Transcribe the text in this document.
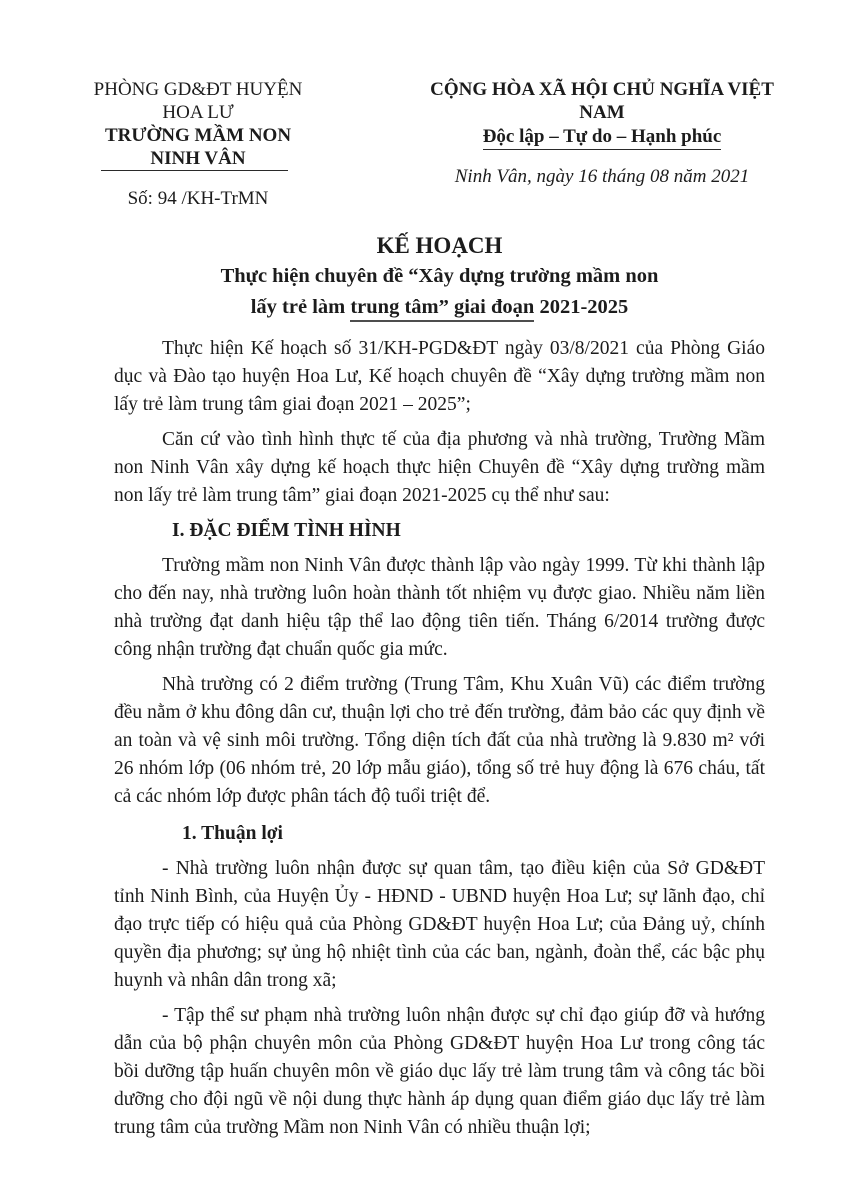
PHÒNG GD&ĐT HUYỆN HOA LƯ
TRƯỜNG MẦM NON NINH VÂN
Số: 94 /KH-TrMN
CỘNG HÒA XÃ HỘI CHỦ NGHĨA VIỆT NAM
Độc lập – Tự do – Hạnh phúc
Ninh Vân, ngày 16 tháng 08 năm 2021
KẾ HOẠCH
Thực hiện chuyên đề “Xây dựng trường mầm non
lấy trẻ làm trung tâm” giai đoạn 2021-2025

Thực hiện Kế hoạch số 31/KH-PGD&ĐT ngày 03/8/2021 của Phòng Giáo dục và Đào tạo huyện Hoa Lư, Kế hoạch chuyên đề “Xây dựng trường mầm non lấy trẻ làm trung tâm giai đoạn 2021 – 2025”;

Căn cứ vào tình hình thực tế của địa phương và nhà trường, Trường Mầm non Ninh Vân xây dựng kế hoạch thực hiện Chuyên đề “Xây dựng trường mầm non lấy trẻ làm trung tâm” giai đoạn 2021-2025 cụ thể như sau:

I. ĐẶC ĐIỂM TÌNH HÌNH

Trường mầm non Ninh Vân được thành lập vào ngày 1999. Từ khi thành lập cho đến nay, nhà trường luôn hoàn thành tốt nhiệm vụ được giao. Nhiều năm liền nhà trường đạt danh hiệu tập thể lao động tiên tiến. Tháng 6/2014 trường được công nhận trường đạt chuẩn quốc gia mức.

Nhà trường có 2 điểm trường (Trung Tâm, Khu Xuân Vũ) các điểm trường đều nằm ở khu đông dân cư, thuận lợi cho trẻ đến trường, đảm bảo các quy định về an toàn và vệ sinh môi trường. Tổng diện tích đất của nhà trường là 9.830 m² với 26 nhóm lớp (06 nhóm trẻ, 20 lớp mẫu giáo), tổng số trẻ huy động là 676 cháu, tất cả các nhóm lớp được phân tách độ tuổi triệt để.

1. Thuận lợi

- Nhà trường luôn nhận được sự quan tâm, tạo điều kiện của Sở GD&ĐT tỉnh Ninh Bình, của Huyện Ủy - HĐND - UBND huyện Hoa Lư; sự lãnh đạo, chỉ đạo trực tiếp có hiệu quả của Phòng GD&ĐT huyện Hoa Lư; của Đảng uỷ, chính quyền địa phương; sự ủng hộ nhiệt tình của các ban, ngành, đoàn thể, các bậc phụ huynh và nhân dân trong xã;

- Tập thể sư phạm nhà trường luôn nhận được sự chỉ đạo giúp đỡ và hướng dẫn của bộ phận chuyên môn của Phòng GD&ĐT huyện Hoa Lư trong công tác bồi dưỡng tập huấn chuyên môn về giáo dục lấy trẻ làm trung tâm và công tác bồi dưỡng cho đội ngũ về nội dung thực hành áp dụng quan điểm giáo dục lấy trẻ làm trung tâm của trường Mầm non Ninh Vân có nhiều thuận lợi;
